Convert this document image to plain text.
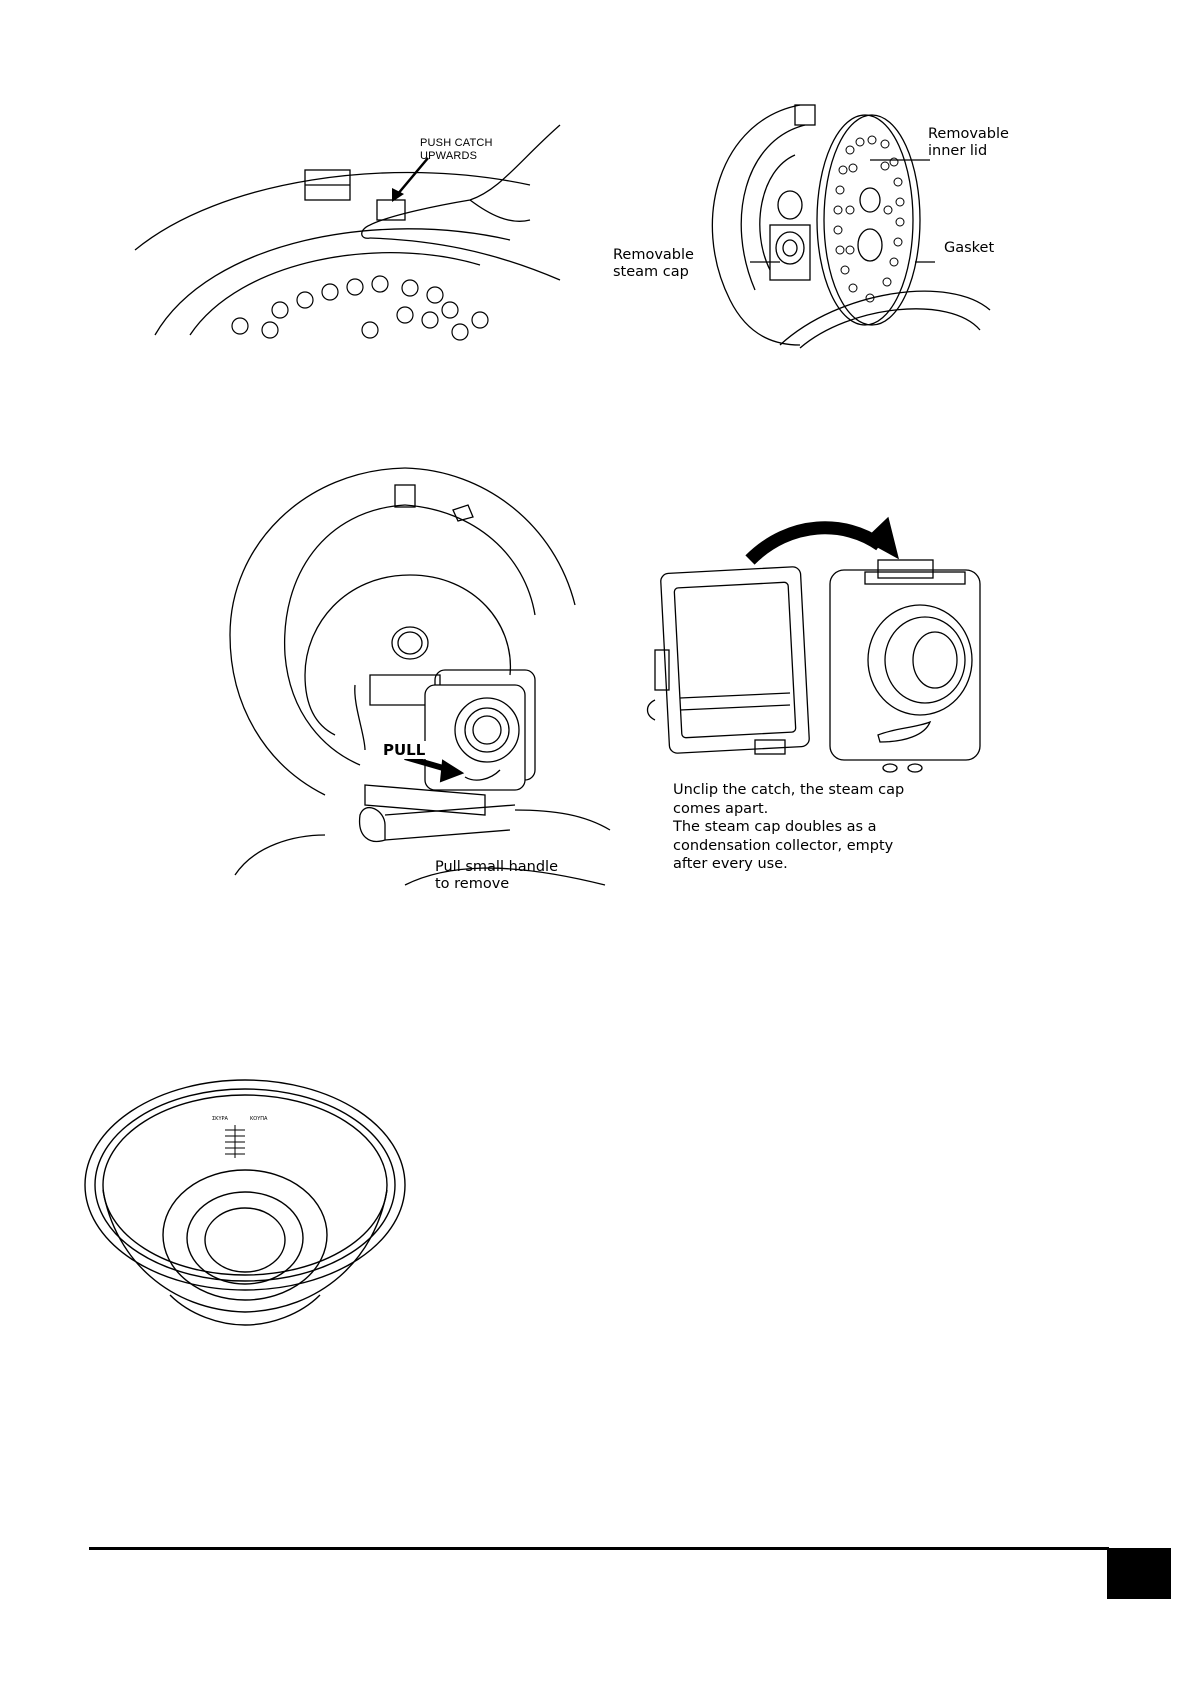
PUSH CATCH
UPWARDS
Removable
inner lid
Gasket
Removable
steam cap
PULL
Pull small handle
to remove
Unclip the catch, the steam cap
comes apart.
The steam cap doubles as a
condensation collector, empty
after every use.
ΣΚΥΡΑ	ΚΟΥΠΑ
